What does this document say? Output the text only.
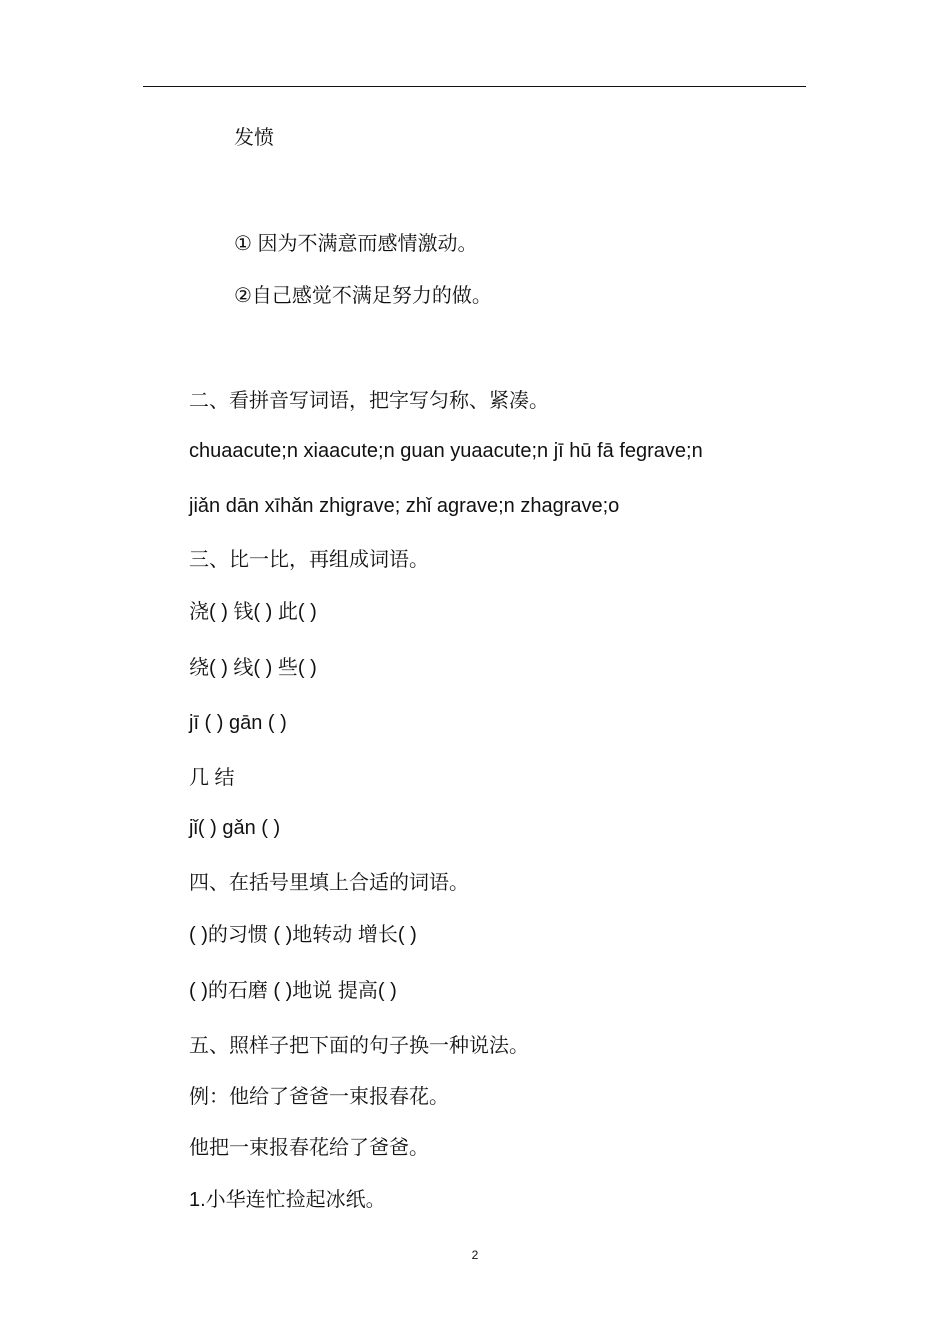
发愤
① 因为不满意而感情激动。
②自己感觉不满足努力的做。
二、看拼音写词语，把字写匀称、紧凑。
chuaacute;n xiaacute;n guan yuaacute;n jī hū fā fegrave;n
jiǎn dān xīhǎn zhigrave; zhǐ agrave;n zhagrave;o
三、比一比，再组成词语。
浇( ) 钱( ) 此( )
绕( ) 线( ) 些( )
jī ( ) gān ( )
几 结
jǐ( ) gǎn ( )
四、在括号里填上合适的词语。
( )的习惯 ( )地转动 增长( )
( )的石磨 ( )地说 提高( )
五、照样子把下面的句子换一种说法。
例：他给了爸爸一束报春花。
他把一束报春花给了爸爸。
1.小华连忙捡起冰纸。
2
